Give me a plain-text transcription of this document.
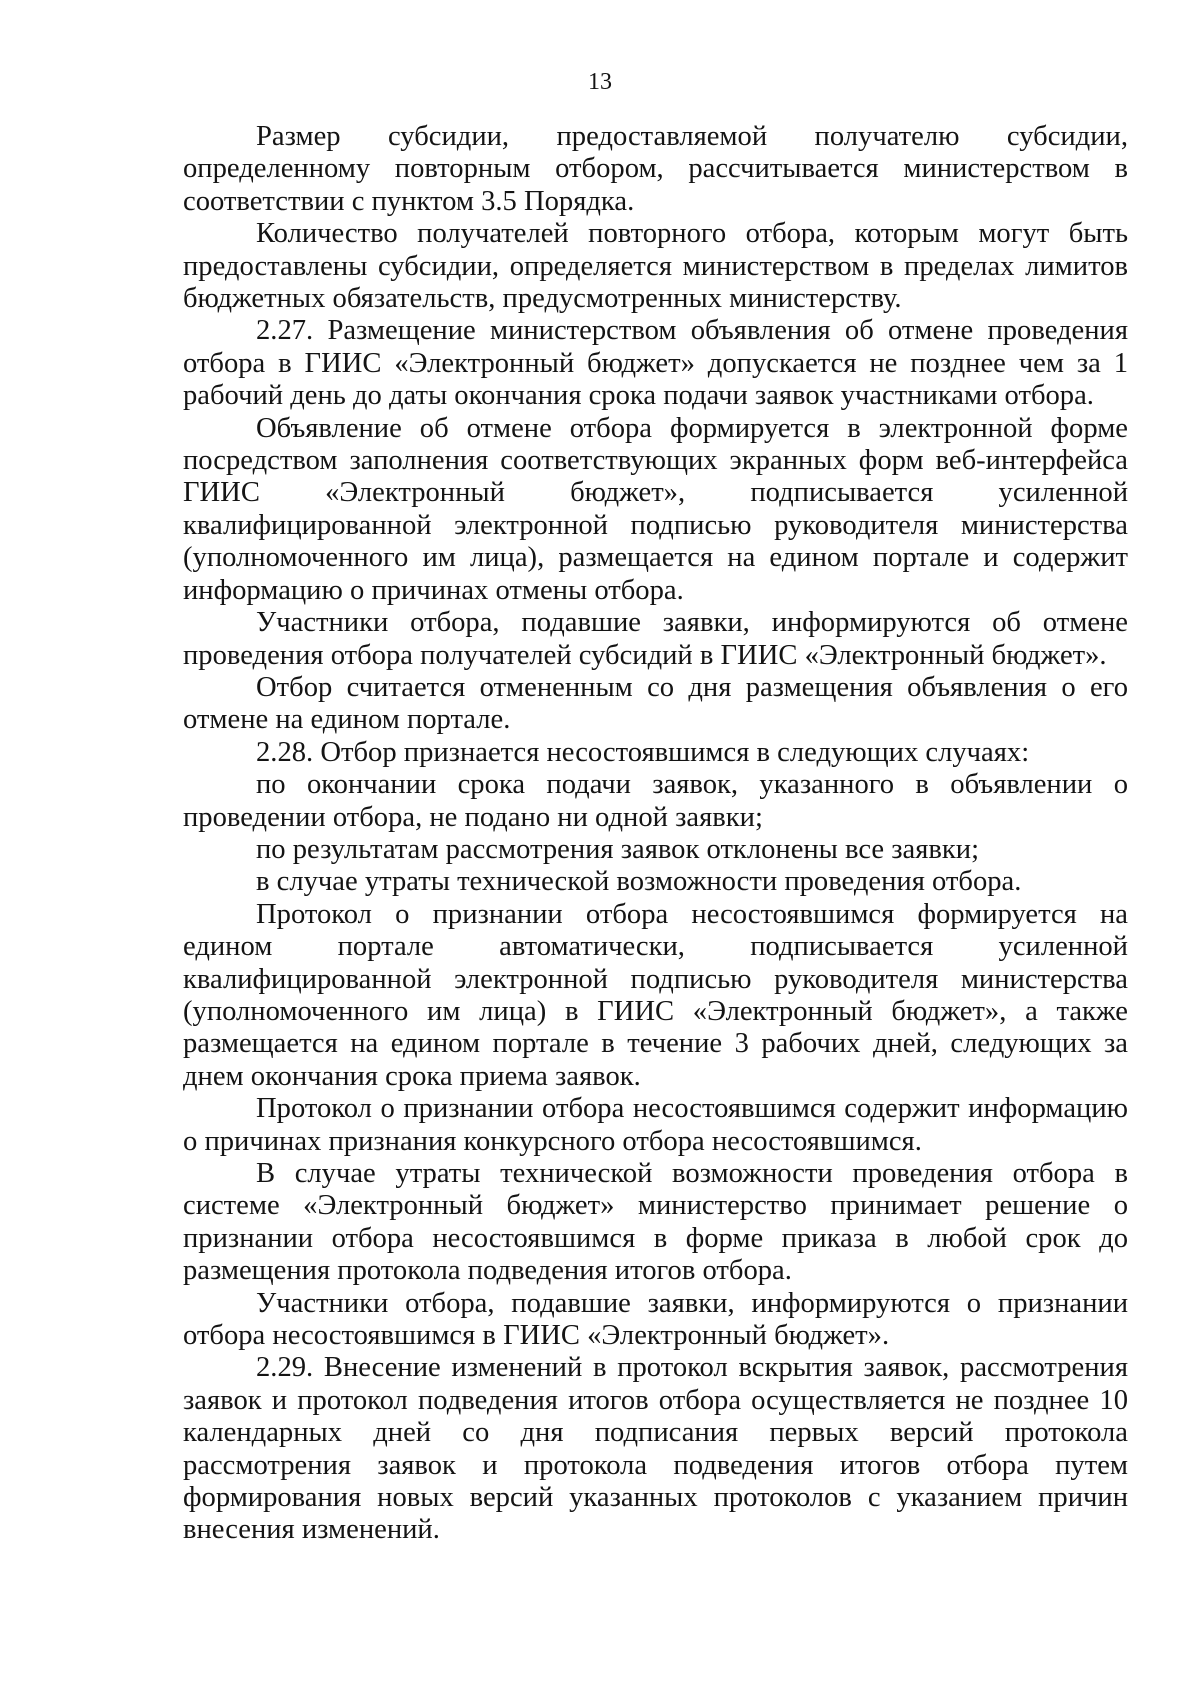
13

Размер субсидии, предоставляемой получателю субсидии, определенному повторным отбором, рассчитывается министерством в соответствии с пунктом 3.5 Порядка.

Количество получателей повторного отбора, которым могут быть предоставлены субсидии, определяется министерством в пределах лимитов бюджетных обязательств, предусмотренных министерству.

2.27. Размещение министерством объявления об отмене проведения отбора в ГИИС «Электронный бюджет» допускается не позднее чем за 1 рабочий день до даты окончания срока подачи заявок участниками отбора.

Объявление об отмене отбора формируется в электронной форме посредством заполнения соответствующих экранных форм веб-интерфейса ГИИС «Электронный бюджет», подписывается усиленной квалифицированной электронной подписью руководителя министерства (уполномоченного им лица), размещается на едином портале и содержит информацию о причинах отмены отбора.

Участники отбора, подавшие заявки, информируются об отмене проведения отбора получателей субсидий в ГИИС «Электронный бюджет».

Отбор считается отмененным со дня размещения объявления о его отмене на едином портале.

2.28. Отбор признается несостоявшимся в следующих случаях:

по окончании срока подачи заявок, указанного в объявлении о проведении отбора, не подано ни одной заявки;

по результатам рассмотрения заявок отклонены все заявки;

в случае утраты технической возможности проведения отбора.

Протокол о признании отбора несостоявшимся формируется на едином портале автоматически, подписывается усиленной квалифицированной электронной подписью руководителя министерства (уполномоченного им лица) в ГИИС «Электронный бюджет», а также размещается на едином портале в течение 3 рабочих дней, следующих за днем окончания срока приема заявок.

Протокол о признании отбора несостоявшимся содержит информацию о причинах признания конкурсного отбора несостоявшимся.

В случае утраты технической возможности проведения отбора в системе «Электронный бюджет» министерство принимает решение о признании отбора несостоявшимся в форме приказа в любой срок до размещения протокола подведения итогов отбора.

Участники отбора, подавшие заявки, информируются о признании отбора несостоявшимся в ГИИС «Электронный бюджет».

2.29. Внесение изменений в протокол вскрытия заявок, рассмотрения заявок и протокол подведения итогов отбора осуществляется не позднее 10 календарных дней со дня подписания первых версий протокола рассмотрения заявок и протокола подведения итогов отбора путем формирования новых версий указанных протоколов с указанием причин внесения изменений.
